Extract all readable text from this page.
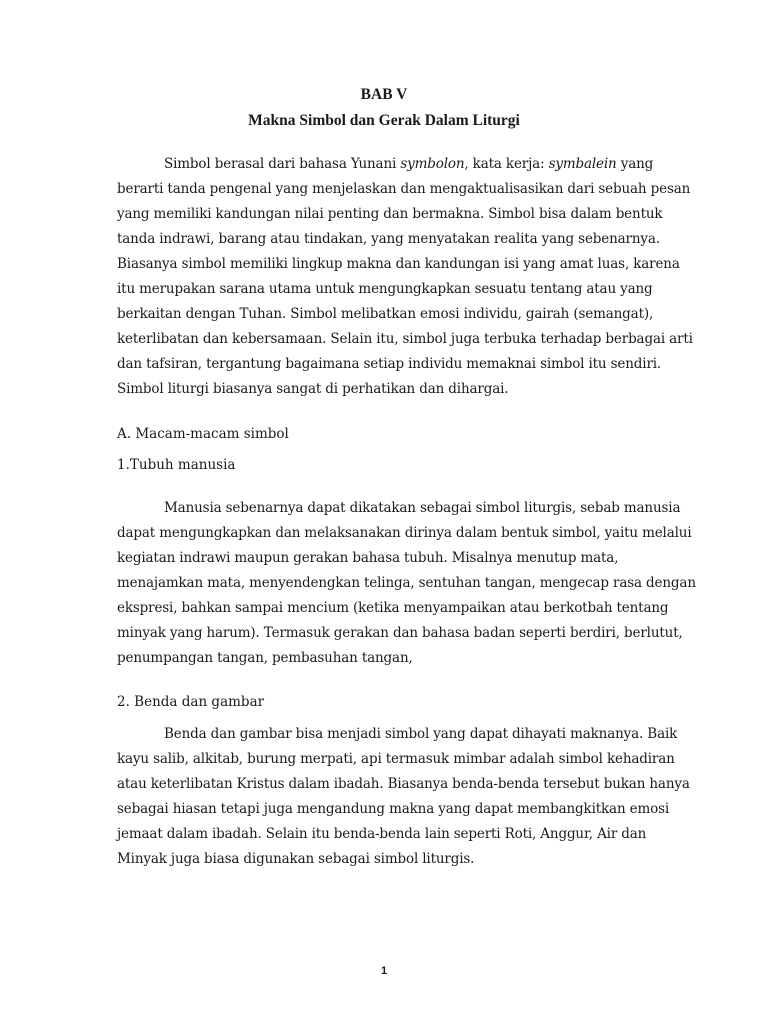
BAB V
Makna Simbol dan Gerak Dalam Liturgi

Simbol berasal dari bahasa Yunani symbolon, kata kerja: symbalein yang
berarti tanda pengenal yang menjelaskan dan mengaktualisasikan dari sebuah pesan
yang memiliki kandungan nilai penting dan bermakna. Simbol bisa dalam bentuk
tanda indrawi, barang atau tindakan, yang menyatakan realita yang sebenarnya.
Biasanya simbol memiliki lingkup makna dan kandungan isi yang amat luas, karena
itu merupakan sarana utama untuk mengungkapkan sesuatu tentang atau yang
berkaitan dengan Tuhan. Simbol melibatkan emosi individu, gairah (semangat),
keterlibatan dan kebersamaan. Selain itu, simbol juga terbuka terhadap berbagai arti
dan tafsiran, tergantung bagaimana setiap individu memaknai simbol itu sendiri.
Simbol liturgi biasanya sangat di perhatikan dan dihargai.

A. Macam-macam simbol
1.Tubuh manusia

Manusia sebenarnya dapat dikatakan sebagai simbol liturgis, sebab manusia
dapat mengungkapkan dan melaksanakan dirinya dalam bentuk simbol, yaitu melalui
kegiatan indrawi maupun gerakan bahasa tubuh. Misalnya menutup mata,
menajamkan mata, menyendengkan telinga, sentuhan tangan, mengecap rasa dengan
ekspresi, bahkan sampai mencium (ketika menyampaikan atau berkotbah tentang
minyak yang harum). Termasuk gerakan dan bahasa badan seperti berdiri, berlutut,
penumpangan tangan, pembasuhan tangan,

2. Benda dan gambar

Benda dan gambar bisa menjadi simbol yang dapat dihayati maknanya. Baik
kayu salib, alkitab, burung merpati, api termasuk mimbar adalah simbol kehadiran
atau keterlibatan Kristus dalam ibadah. Biasanya benda-benda tersebut bukan hanya
sebagai hiasan tetapi juga mengandung makna yang dapat membangkitkan emosi
jemaat dalam ibadah. Selain itu benda-benda lain seperti Roti, Anggur, Air dan
Minyak juga biasa digunakan sebagai simbol liturgis.

1
